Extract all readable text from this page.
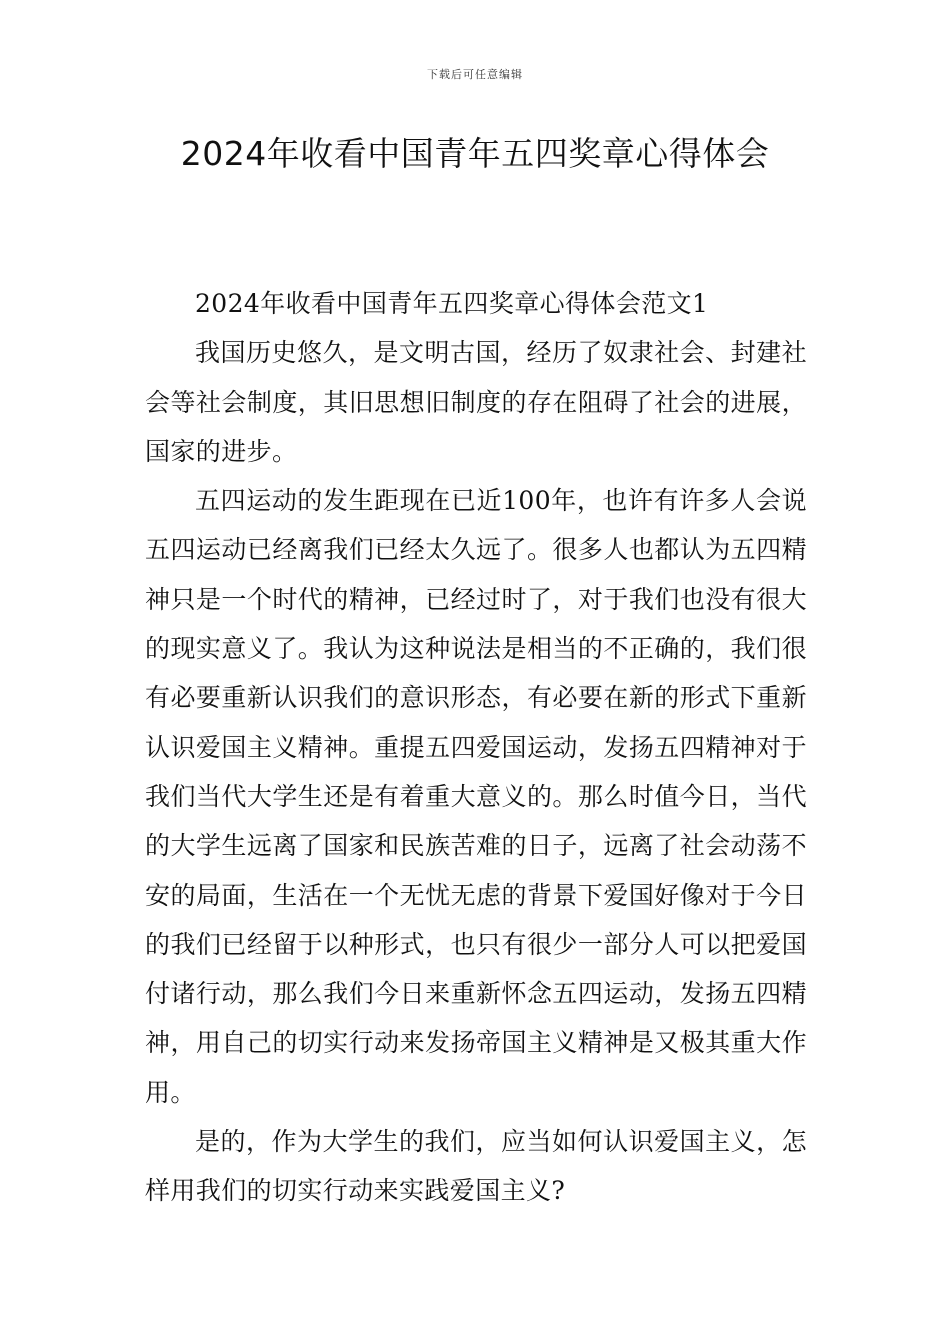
下载后可任意编辑
2024年收看中国青年五四奖章心得体会

2024年收看中国青年五四奖章心得体会范文1

我国历史悠久，是文明古国，经历了奴隶社会、封建社会等社会制度，其旧思想旧制度的存在阻碍了社会的进展，国家的进步。

五四运动的发生距现在已近100年，也许有许多人会说五四运动已经离我们已经太久远了。很多人也都认为五四精神只是一个时代的精神，已经过时了，对于我们也没有很大的现实意义了。我认为这种说法是相当的不正确的，我们很有必要重新认识我们的意识形态，有必要在新的形式下重新认识爱国主义精神。重提五四爱国运动，发扬五四精神对于我们当代大学生还是有着重大意义的。那么时值今日，当代的大学生远离了国家和民族苦难的日子，远离了社会动荡不安的局面，生活在一个无忧无虑的背景下爱国好像对于今日的我们已经留于以种形式，也只有很少一部分人可以把爱国付诸行动，那么我们今日来重新怀念五四运动，发扬五四精神，用自己的切实行动来发扬帝国主义精神是又极其重大作用。

是的，作为大学生的我们，应当如何认识爱国主义，怎样用我们的切实行动来实践爱国主义?
